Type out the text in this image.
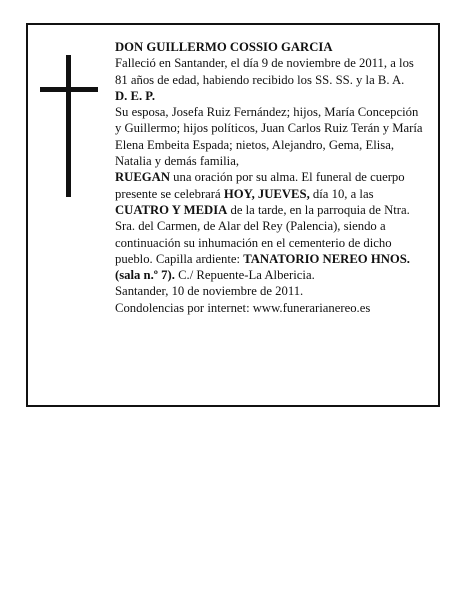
DON GUILLERMO COSSIO GARCIA

Falleció en Santander, el día 9 de noviembre de 2011, a los 81 años de edad, habiendo recibido los SS. SS. y la B. A.

D. E. P.

Su esposa, Josefa Ruiz Fernández; hijos, María Concepción y Guillermo; hijos políticos, Juan Carlos Ruiz Terán y María Elena Embeita Espada; nietos, Alejandro, Gema, Elisa, Natalia y demás familia,

RUEGAN una oración por su alma. El funeral de cuerpo presente se celebrará HOY, JUEVES, día 10, a las CUATRO Y MEDIA de la tarde, en la parroquia de Ntra. Sra. del Carmen, de Alar del Rey (Palencia), siendo a continuación su inhumación en el cementerio de dicho pueblo. Capilla ardiente: TANATORIO NEREO HNOS. (sala n.º 7). C./ Repuente-La Albericia.

Santander, 10 de noviembre de 2011.

Condolencias por internet: www.funerarianereo.es
